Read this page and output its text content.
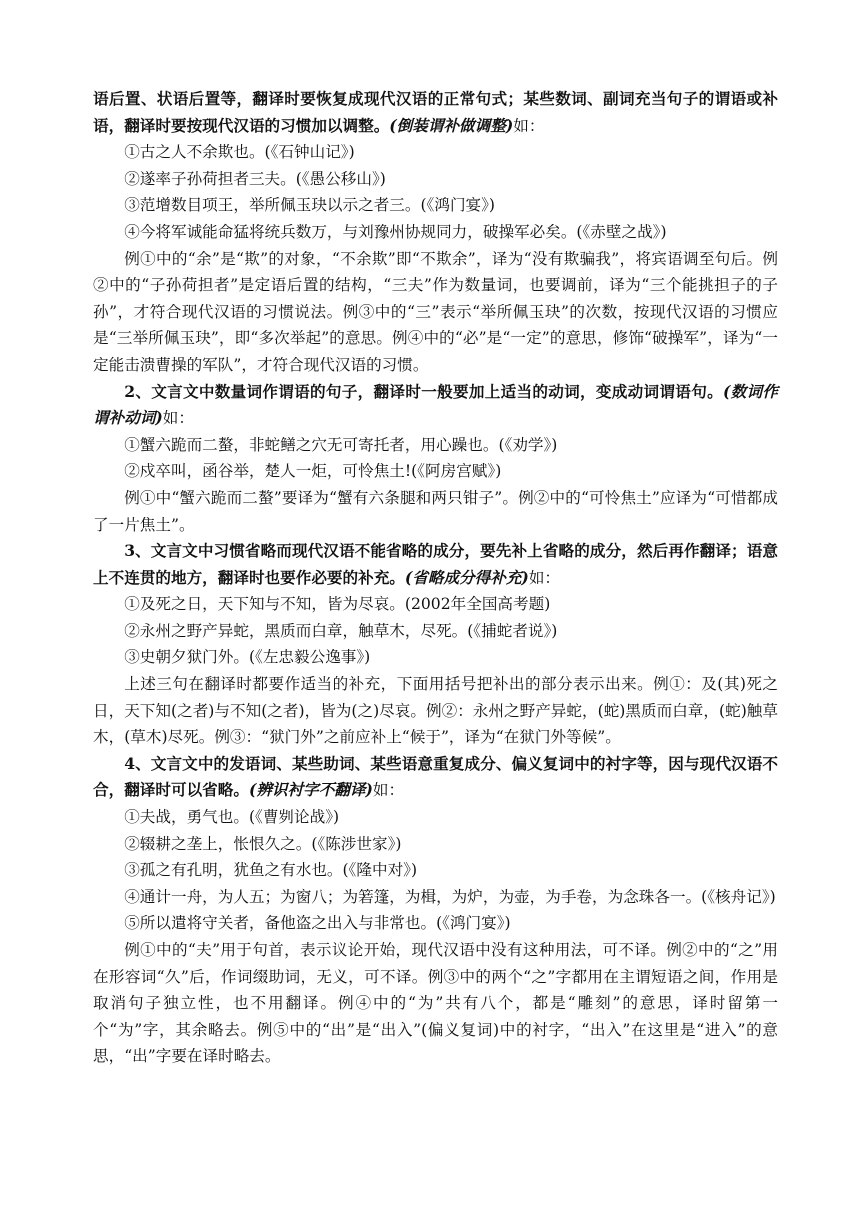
语后置、状语后置等，翻译时要恢复成现代汉语的正常句式；某些数词、副词充当句子的谓语或补语，翻译时要按现代汉语的习惯加以调整。(倒装谓补做调整)如：

①古之人不余欺也。(《石钟山记》)

②遂率子孙荷担者三夫。(《愚公移山》)

③范增数目项王，举所佩玉玦以示之者三。(《鸿门宴》)

④今将军诚能命猛将统兵数万，与刘豫州协规同力，破操军必矣。(《赤壁之战》)

例①中的“余”是“欺”的对象，“不余欺”即“不欺余”，译为“没有欺骗我”，将宾语调至句后。例②中的“子孙荷担者”是定语后置的结构，“三夫”作为数量词，也要调前，译为“三个能挑担子的子孙”，才符合现代汉语的习惯说法。例③中的“三”表示“举所佩玉玦”的次数，按现代汉语的习惯应是“三举所佩玉玦”，即“多次举起”的意思。例④中的“必”是“一定”的意思，修饰“破操军”，译为“一定能击溃曹操的军队”，才符合现代汉语的习惯。

2、文言文中数量词作谓语的句子，翻译时一般要加上适当的动词，变成动词谓语句。(数词作谓补动词)如：

①蟹六跪而二螯，非蛇鳝之穴无可寄托者，用心躁也。(《劝学》)

②戍卒叫，函谷举，楚人一炬，可怜焦土!(《阿房宫赋》)

例①中“蟹六跪而二螯”要译为“蟹有六条腿和两只钳子”。例②中的“可怜焦土”应译为“可惜都成了一片焦土”。

3、文言文中习惯省略而现代汉语不能省略的成分，要先补上省略的成分，然后再作翻译；语意上不连贯的地方，翻译时也要作必要的补充。(省略成分得补充)如：

①及死之日，天下知与不知，皆为尽哀。(2002年全国高考题)

②永州之野产异蛇，黑质而白章，触草木，尽死。(《捕蛇者说》)

③史朝夕狱门外。(《左忠毅公逸事》)

上述三句在翻译时都要作适当的补充，下面用括号把补出的部分表示出来。例①：及(其)死之日，天下知(之者)与不知(之者)，皆为(之)尽哀。例②：永州之野产异蛇，(蛇)黑质而白章，(蛇)触草木，(草木)尽死。例③：“狱门外”之前应补上“候于”，译为“在狱门外等候”。

4、文言文中的发语词、某些助词、某些语意重复成分、偏义复词中的衬字等，因与现代汉语不合，翻译时可以省略。(辨识衬字不翻译)如：

①夫战，勇气也。(《曹刿论战》)

②辍耕之垄上，怅恨久之。(《陈涉世家》)

③孤之有孔明，犹鱼之有水也。(《隆中对》)

④通计一舟，为人五；为窗八；为箬篷，为楫，为炉，为壶，为手卷，为念珠各一。(《核舟记》)

⑤所以遣将守关者，备他盗之出入与非常也。(《鸿门宴》)

例①中的“夫”用于句首，表示议论开始，现代汉语中没有这种用法，可不译。例②中的“之”用在形容词“久”后，作词缀助词，无义，可不译。例③中的两个“之”字都用在主谓短语之间，作用是取消句子独立性，也不用翻译。例④中的“为”共有八个，都是“雕刻”的意思，译时留第一个“为”字，其余略去。例⑤中的“出”是“出入”(偏义复词)中的衬字，“出入”在这里是“进入”的意思，“出”字要在译时略去。
